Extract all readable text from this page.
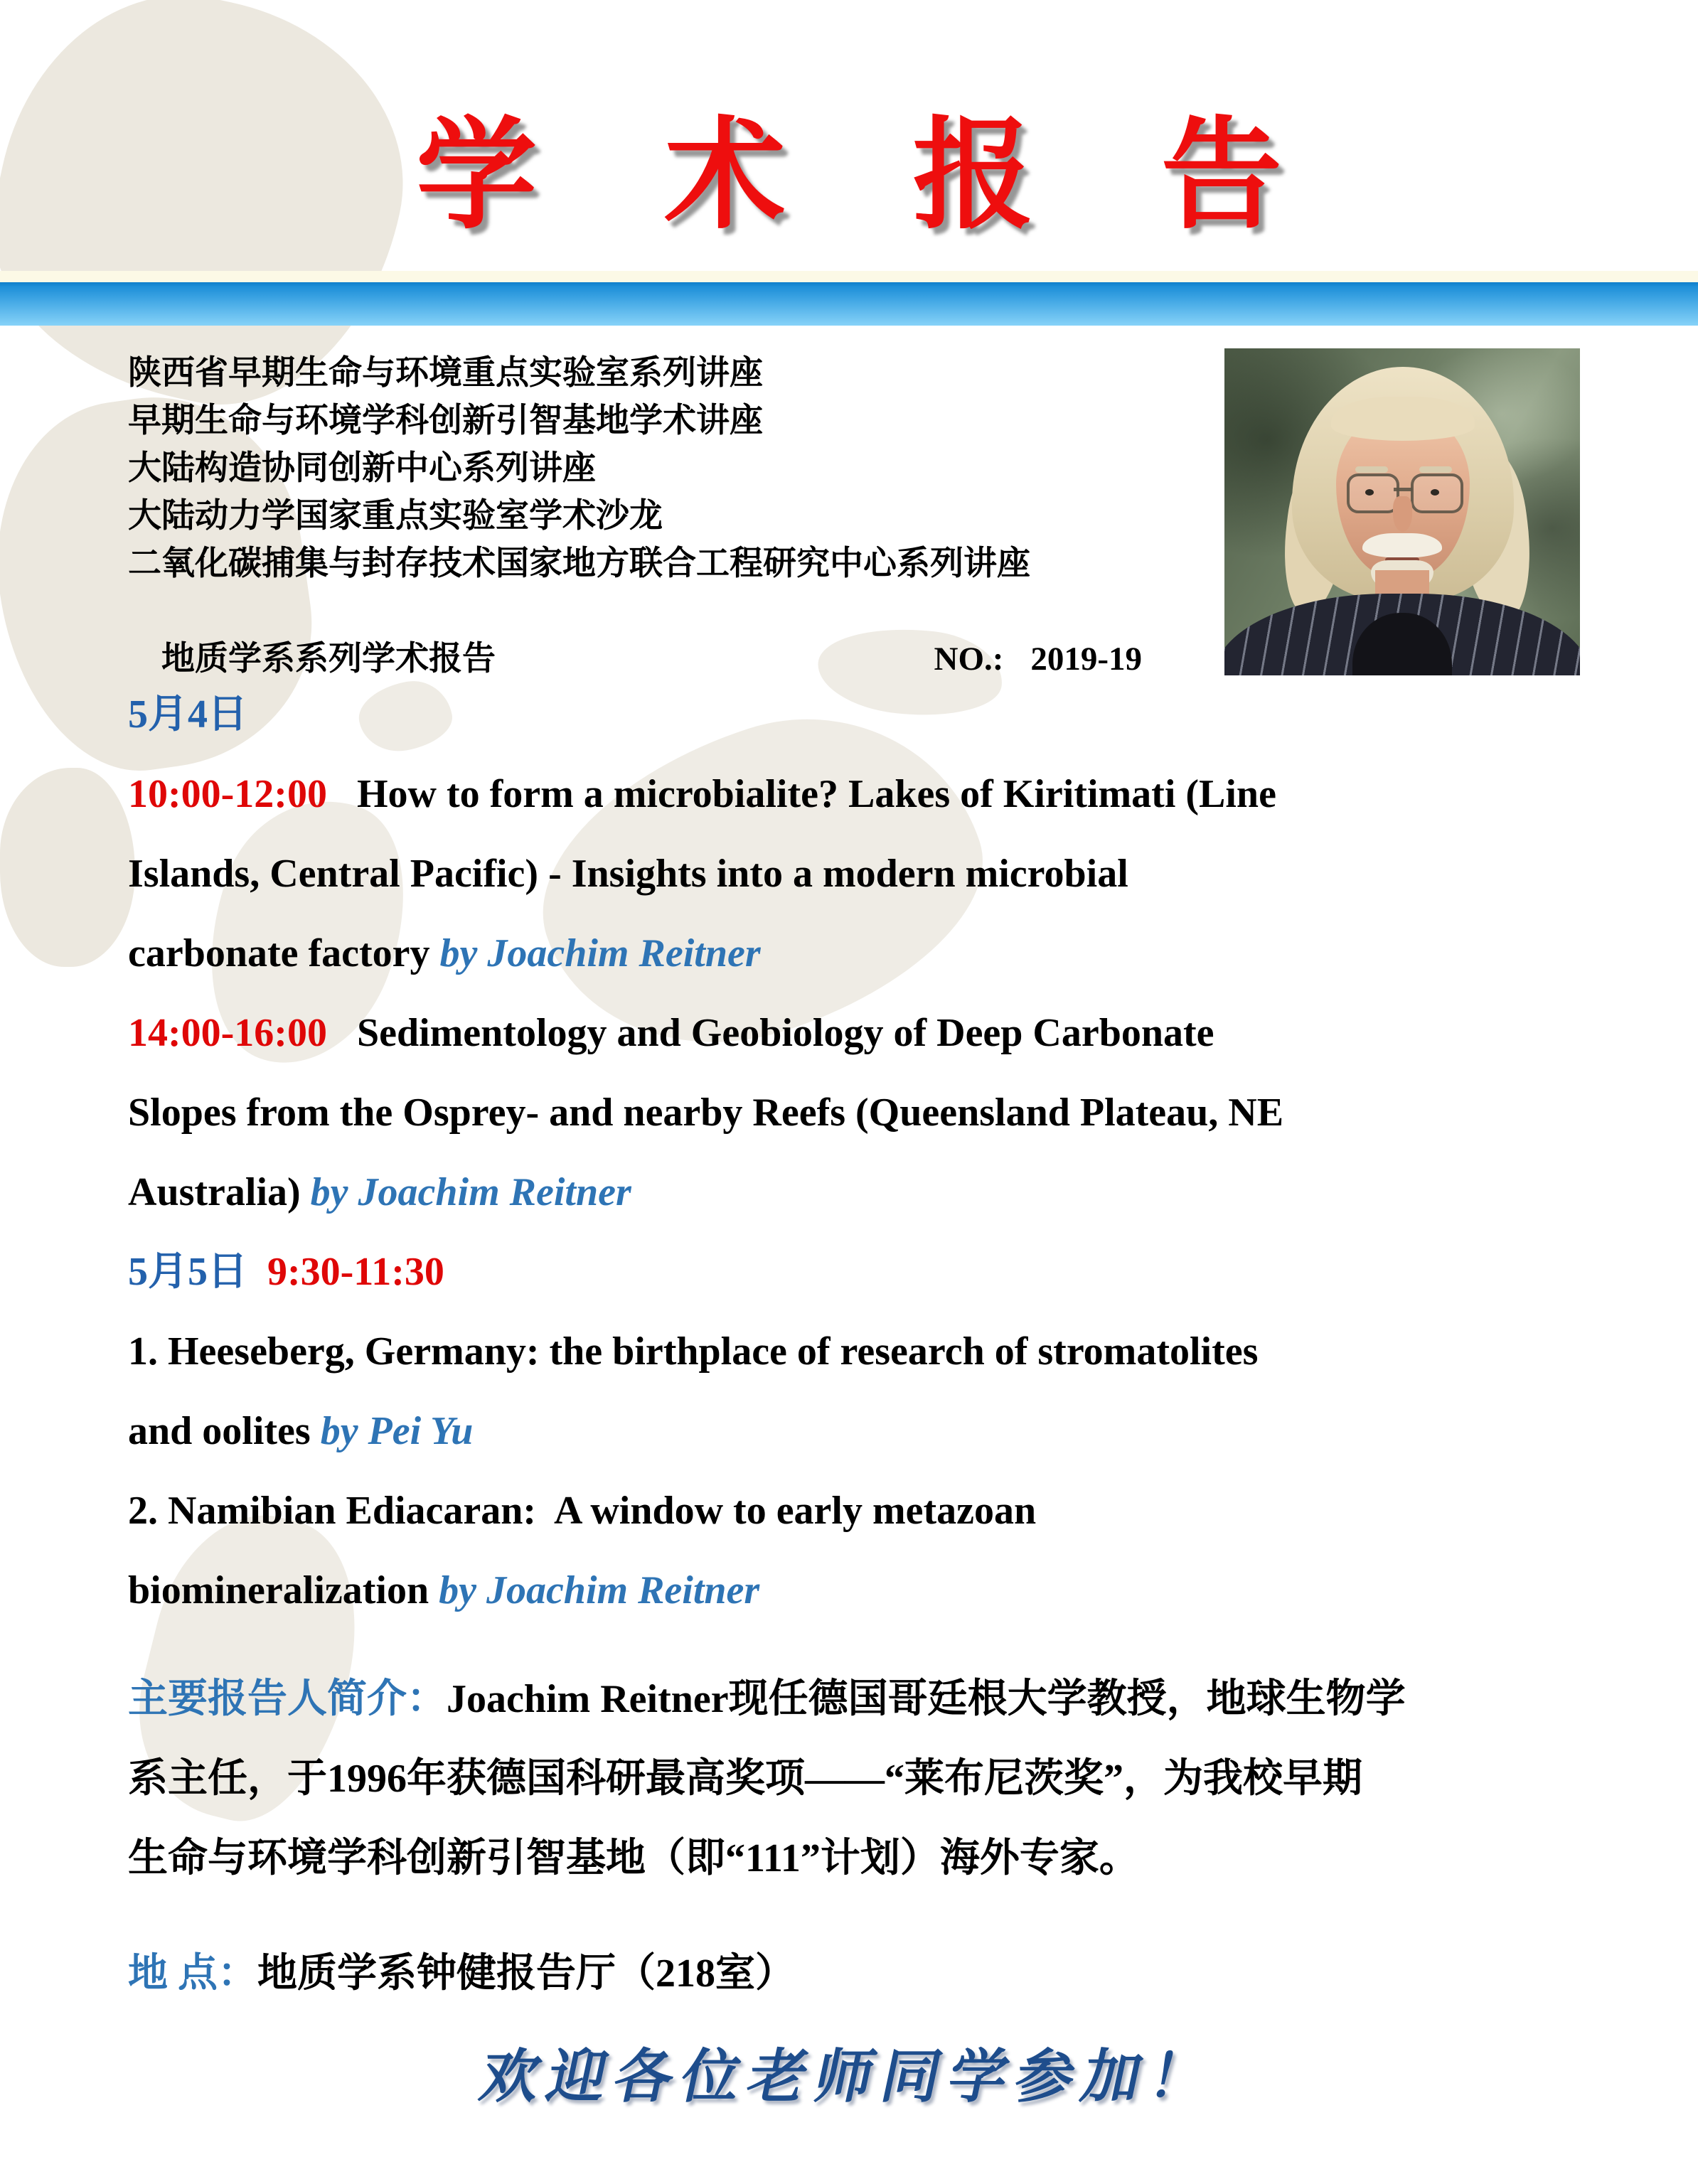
学 术 报 告
陕西省早期生命与环境重点实验室系列讲座
早期生命与环境学科创新引智基地学术讲座
大陆构造协同创新中心系列讲座
大陆动力学国家重点实验室学术沙龙
二氧化碳捕集与封存技术国家地方联合工程研究中心系列讲座

地质学系系列学术报告
	NO.: 2019-19

5月4日
10:00-12:00   How to form a microbialite? Lakes of Kiritimati (Line
Islands, Central Pacific) - Insights into a modern microbial
carbonate factory by Joachim Reitner
14:00-16:00   Sedimentology and Geobiology of Deep Carbonate
Slopes from the Osprey- and nearby Reefs (Queensland Plateau, NE
Australia) by Joachim Reitner
5月5日 9:30-11:30
1. Heeseberg, Germany: the birthplace of research of stromatolites
and oolites by Pei Yu
2. Namibian Ediacaran:  A window to early metazoan
biomineralization by Joachim Reitner
主要报告人简介：Joachim Reitner现任德国哥廷根大学教授，地球生物学
系主任，于1996年获德国科研最高奖项——“莱布尼茨奖”，为我校早期
生命与环境学科创新引智基地（即“111”计划）海外专家。
地 点：地质学系钟健报告厅（218室）
欢迎各位老师同学参加！
